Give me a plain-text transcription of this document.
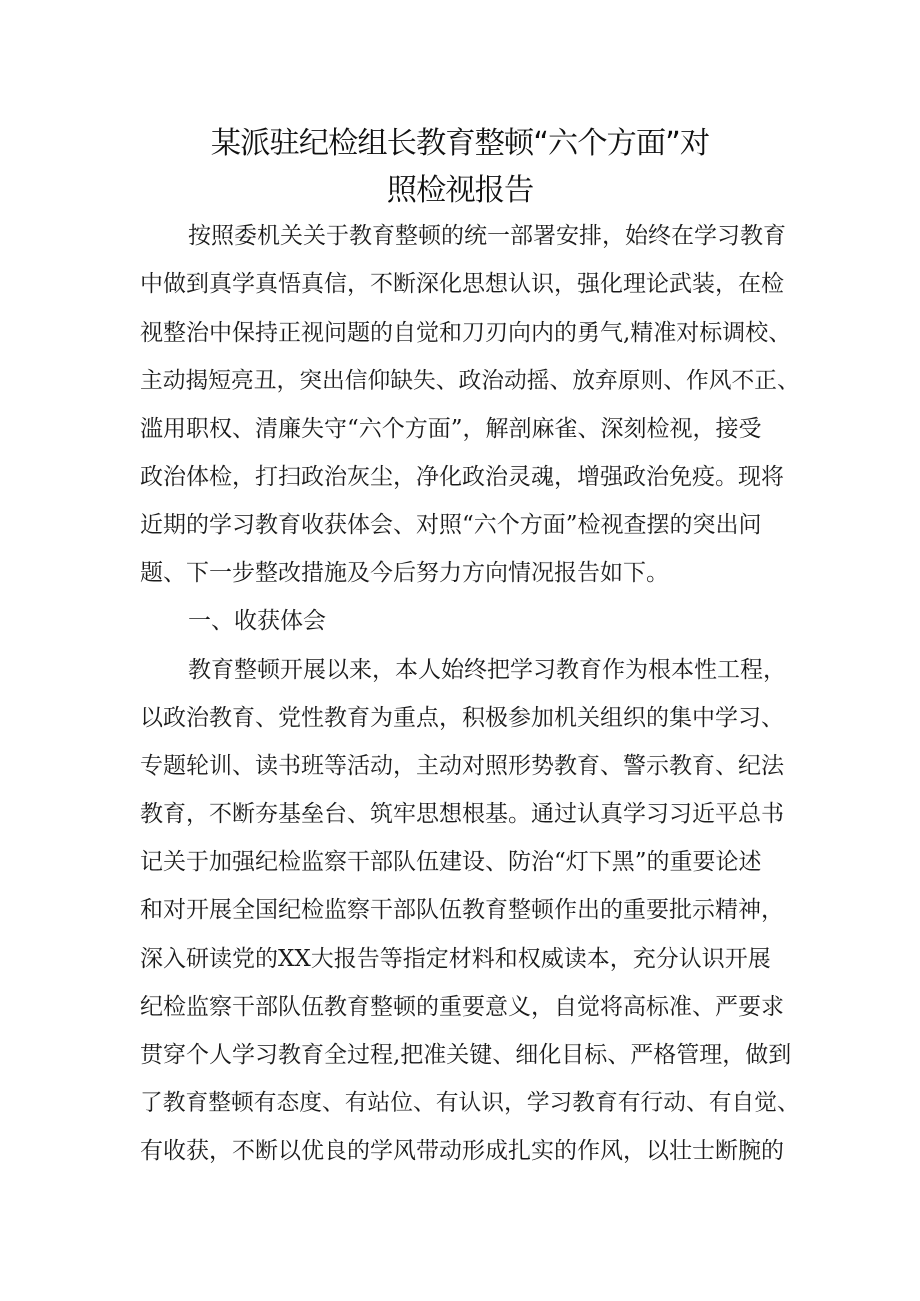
某派驻纪检组长教育整顿“六个方面”对
照检视报告

按照委机关关于教育整顿的统一部署安排，始终在学习教育

中做到真学真悟真信，不断深化思想认识，强化理论武装，在检

视整治中保持正视问题的自觉和刀刃向内的勇气,精准对标调校、

主动揭短亮丑，突出信仰缺失、政治动摇、放弃原则、作风不正、

滥用职权、清廉失守“六个方面”，解剖麻雀、深刻检视，接受

政治体检，打扫政治灰尘，净化政治灵魂，增强政治免疫。现将

近期的学习教育收获体会、对照“六个方面”检视查摆的突出问

题、下一步整改措施及今后努力方向情况报告如下。

一、收获体会

教育整顿开展以来，本人始终把学习教育作为根本性工程，

以政治教育、党性教育为重点，积极参加机关组织的集中学习、

专题轮训、读书班等活动，主动对照形势教育、警示教育、纪法

教育，不断夯基垒台、筑牢思想根基。通过认真学习习近平总书

记关于加强纪检监察干部队伍建设、防治“灯下黑”的重要论述

和对开展全国纪检监察干部队伍教育整顿作出的重要批示精神，

深入研读党的XX大报告等指定材料和权威读本，充分认识开展

纪检监察干部队伍教育整顿的重要意义，自觉将高标准、严要求

贯穿个人学习教育全过程,把准关键、细化目标、严格管理，做到

了教育整顿有态度、有站位、有认识，学习教育有行动、有自觉、

有收获，不断以优良的学风带动形成扎实的作风，以壮士断腕的
